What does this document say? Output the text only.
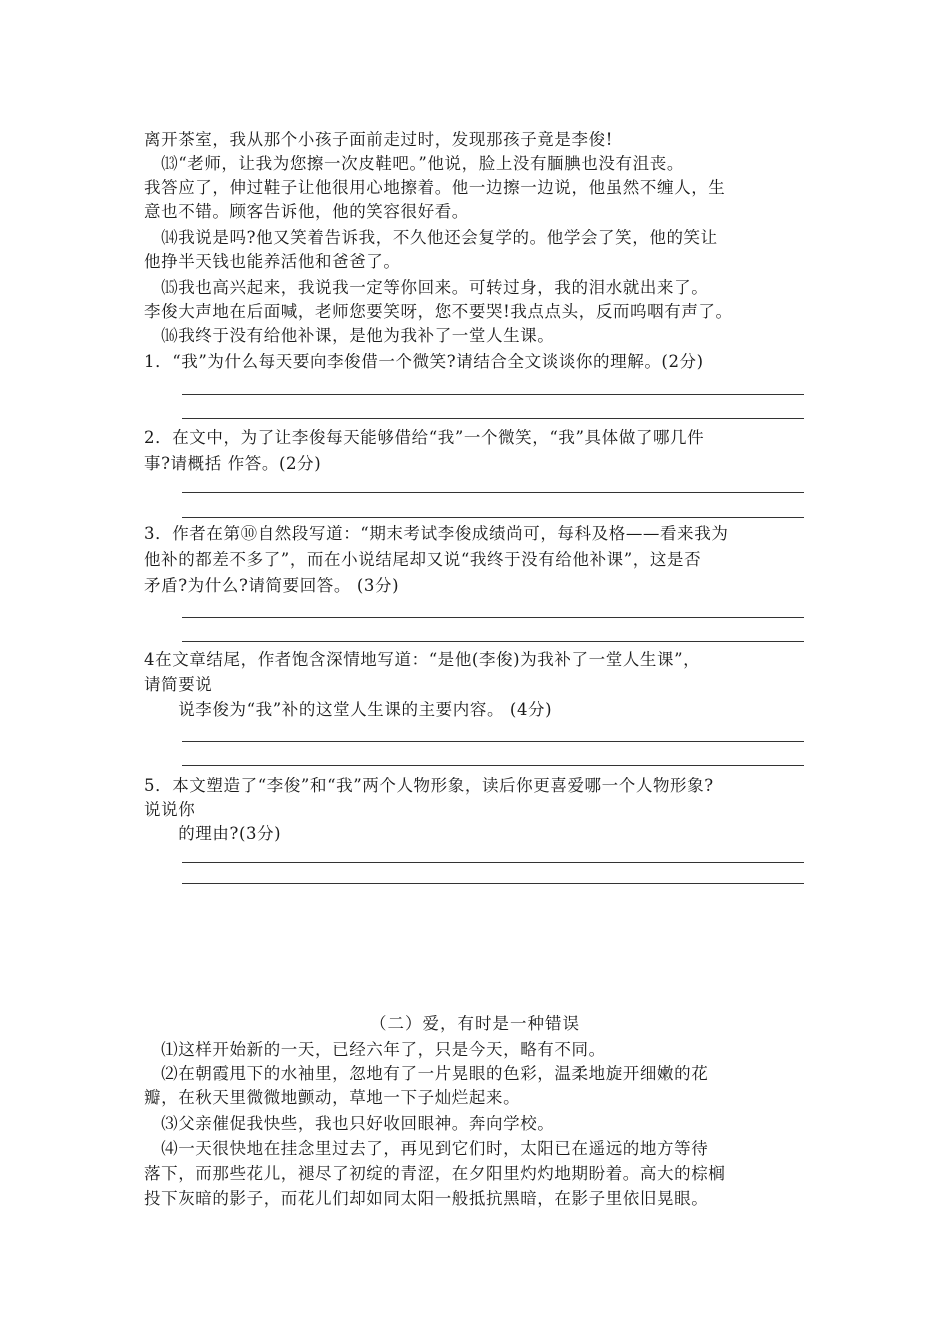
离开茶室，我从那个小孩子面前走过时，发现那孩子竟是李俊!
　⒀“老师，让我为您擦一次皮鞋吧。”他说，脸上没有腼腆也没有沮丧。
我答应了，伸过鞋子让他很用心地擦着。他一边擦一边说，他虽然不缠人，生
意也不错。顾客告诉他，他的笑容很好看。
　⒁我说是吗?他又笑着告诉我，不久他还会复学的。他学会了笑，他的笑让
他挣半天钱也能养活他和爸爸了。
　⒂我也高兴起来，我说我一定等你回来。可转过身，我的泪水就出来了。
李俊大声地在后面喊，老师您要笑呀，您不要哭!我点点头，反而呜咽有声了。
　⒃我终于没有给他补课，是他为我补了一堂人生课。
1．“我”为什么每天要向李俊借一个微笑?请结合全文谈谈你的理解。(2分)
2．在文中，为了让李俊每天能够借给“我”一个微笑，“我”具体做了哪几件
事?请概括 作答。(2分)
3．作者在第⑩自然段写道：“期末考试李俊成绩尚可，每科及格——看来我为
他补的都差不多了”，而在小说结尾却又说“我终于没有给他补课”，这是否
矛盾?为什么?请简要回答。 (3分)
4在文章结尾，作者饱含深情地写道：“是他(李俊)为我补了一堂人生课”，
请简要说
　　说李俊为“我”补的这堂人生课的主要内容。 (4分)
5．本文塑造了“李俊”和“我”两个人物形象，读后你更喜爱哪一个人物形象?
说说你
　　的理由?(3分)
（二）爱，有时是一种错误
　⑴这样开始新的一天，已经六年了，只是今天，略有不同。
　⑵在朝霞甩下的水袖里，忽地有了一片晃眼的色彩，温柔地旋开细嫩的花
瓣，在秋天里微微地颤动，草地一下子灿烂起来。
　⑶父亲催促我快些，我也只好收回眼神。奔向学校。
　⑷一天很快地在挂念里过去了，再见到它们时，太阳已在遥远的地方等待
落下，而那些花儿，褪尽了初绽的青涩，在夕阳里灼灼地期盼着。高大的棕榈
投下灰暗的影子，而花儿们却如同太阳一般抵抗黑暗，在影子里依旧晃眼。
